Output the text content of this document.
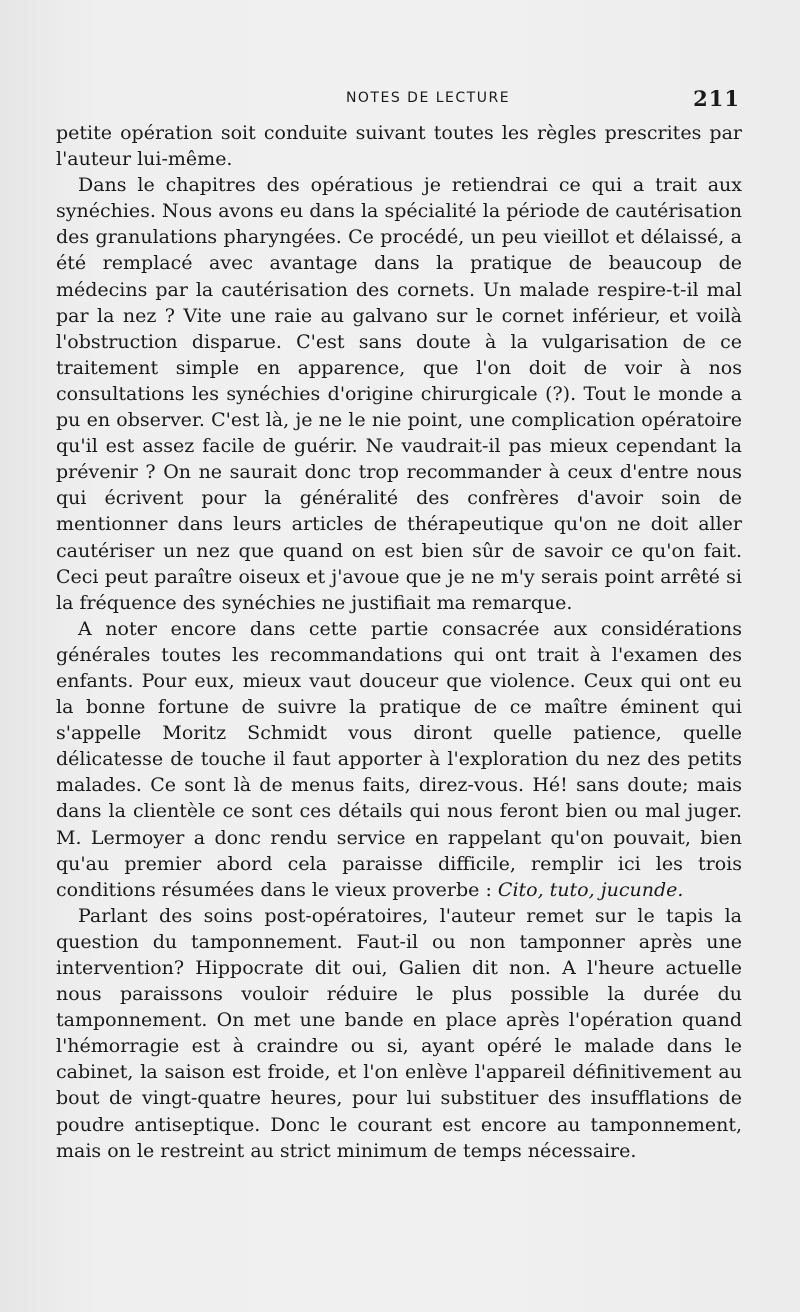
NOTES DE LECTURE	211

petite opération soit conduite suivant toutes les règles prescrites par l'auteur lui-même.

Dans le chapitres des opératious je retiendrai ce qui a trait aux synéchies. Nous avons eu dans la spécialité la période de cautérisation des granulations pharyngées. Ce procédé, un peu vieillot et délaissé, a été remplacé avec avantage dans la pratique de beaucoup de médecins par la cautérisation des cornets. Un malade respire-t-il mal par la nez ? Vite une raie au galvano sur le cornet inférieur, et voilà l'obstruction disparue. C'est sans doute à la vulgarisation de ce traitement simple en apparence, que l'on doit de voir à nos consultations les synéchies d'origine chirurgicale (?). Tout le monde a pu en observer. C'est là, je ne le nie point, une complication opératoire qu'il est assez facile de guérir. Ne vaudrait-il pas mieux cependant la prévenir ? On ne saurait donc trop recommander à ceux d'entre nous qui écrivent pour la généralité des confrères d'avoir soin de mentionner dans leurs articles de thérapeutique qu'on ne doit aller cautériser un nez que quand on est bien sûr de savoir ce qu'on fait. Ceci peut paraître oiseux et j'avoue que je ne m'y serais point arrêté si la fréquence des synéchies ne justifiait ma remarque.

A noter encore dans cette partie consacrée aux considérations générales toutes les recommandations qui ont trait à l'examen des enfants. Pour eux, mieux vaut douceur que violence. Ceux qui ont eu la bonne fortune de suivre la pratique de ce maître éminent qui s'appelle Moritz Schmidt vous diront quelle patience, quelle délicatesse de touche il faut apporter à l'exploration du nez des petits malades. Ce sont là de menus faits, direz-vous. Hé! sans doute; mais dans la clientèle ce sont ces détails qui nous feront bien ou mal juger. M. Lermoyer a donc rendu service en rappelant qu'on pouvait, bien qu'au premier abord cela paraisse difficile, remplir ici les trois conditions résumées dans le vieux proverbe : Cito, tuto, jucunde.

Parlant des soins post-opératoires, l'auteur remet sur le tapis la question du tamponnement. Faut-il ou non tamponner après une intervention? Hippocrate dit oui, Galien dit non. A l'heure actuelle nous paraissons vouloir réduire le plus possible la durée du tamponnement. On met une bande en place après l'opération quand l'hémorragie est à craindre ou si, ayant opéré le malade dans le cabinet, la saison est froide, et l'on enlève l'appareil définitivement au bout de vingt-quatre heures, pour lui substituer des insufflations de poudre antiseptique. Donc le courant est encore au tamponnement, mais on le restreint au strict minimum de temps nécessaire.
